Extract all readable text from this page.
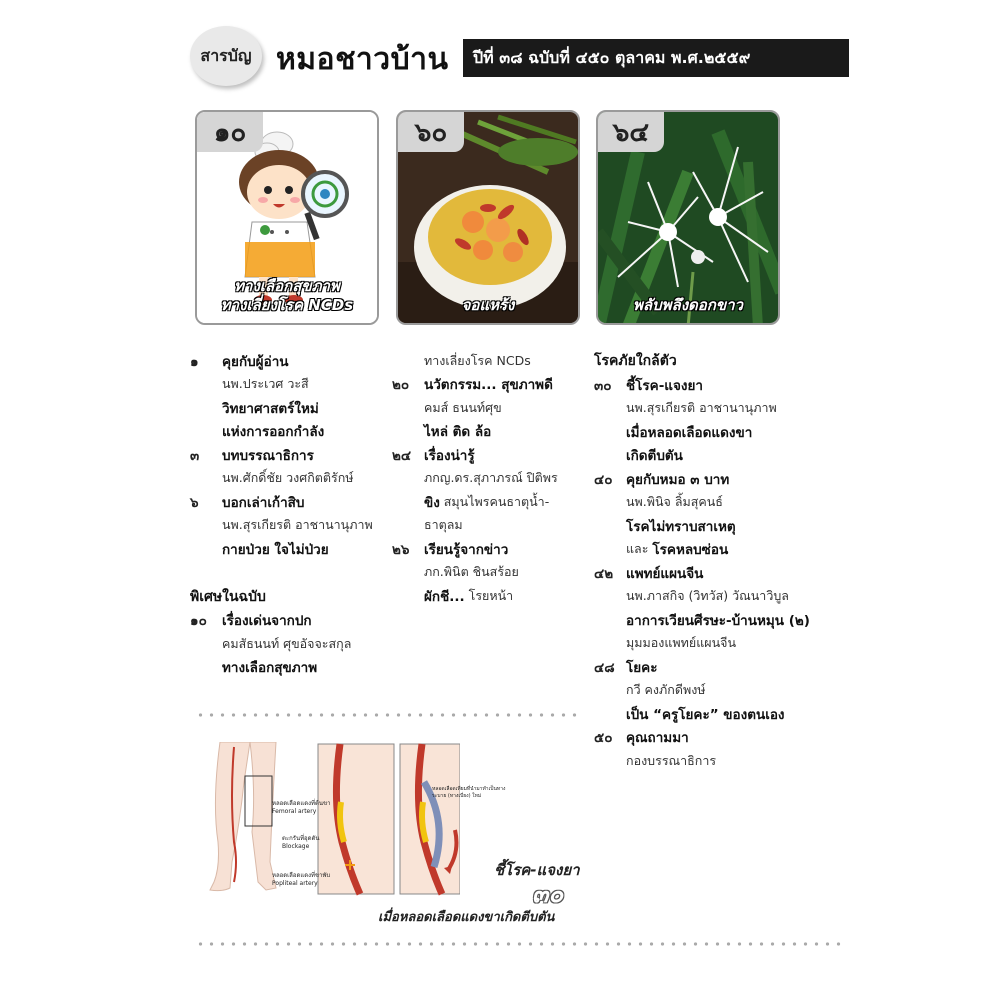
สารบัญ หมอชาวบ้าน ปีที่ ๓๘ ฉบับที่ ๔๕๐ ตุลาคม พ.ศ.๒๕๕๙
๑๐
ทางเลือกสุขภาพ
ทางเลี่ยงโรค NCDs
๖๐
จอแหร้ง
๖๔
พลับพลึงดอกขาว
๑	คุยกับผู้อ่าน
นพ.ประเวศ วะสี
วิทยาศาสตร์ใหม่
แห่งการออกกำลัง
๓	บทบรรณาธิการ
นพ.ศักดิ์ชัย วงศกิตติรักษ์
๖	บอกเล่าเก้าสิบ
นพ.สุรเกียรติ อาชานานุภาพ
กายป่วย ใจไม่ป่วย
พิเศษในฉบับ
๑๐	เรื่องเด่นจากปก
คมสัธนนท์ ศุขอัจจะสกุล
ทางเลือกสุขภาพ
ทางเลี่ยงโรค NCDs
๒๐	นวัตกรรม... สุขภาพดี
คมส์ ธนนท์ศุข
ไหล่ ติด ล้อ
๒๔ เรื่องน่ารู้
ภกญ.ดร.สุภาภรณ์ ปิติพร
ขิง สมุนไพรคนธาตุน้ำ-
ธาตุลม
๒๖	เรียนรู้จากข่าว
ภก.พินิต ชินสร้อย
ผักชี... โรยหน้า
โรคภัยใกล้ตัว
๓๐	ชี้โรค-แจงยา
นพ.สุรเกียรติ อาชานานุภาพ
เมื่อหลอดเลือดแดงขา
เกิดตีบตัน
๔๐	คุยกับหมอ ๓ บาท
นพ.พินิจ ลิ้มสุคนธ์
โรคไม่ทราบสาเหตุ
และ โรคหลบซ่อน
๔๒ แพทย์แผนจีน
นพ.ภาสกิจ (วิทวัส) วัณนาวิบูล
อาการเวียนศีรษะ-บ้านหมุน (๒)
มุมมองแพทย์แผนจีน
๔๘ โยคะ
กวี คงภักดีพงษ์
เป็น “ครูโยคะ” ของตนเอง
๕๐	คุณถามมา
กองบรรณาธิการ
หลอดเลือดแดงที่ต้นขา
Femoral artery
ตะกรันที่อุดตัน
Blockage
หลอดเลือดแดงที่ขาพับ
Popliteal artery
หลอดเลือดเทียมที่นำมาทำเป็นทางระบาย (ทางเบี่ยง) ใหม่
ชี้โรค-แจงยา
๓๐
เมื่อหลอดเลือดแดงขาเกิดตีบตัน
